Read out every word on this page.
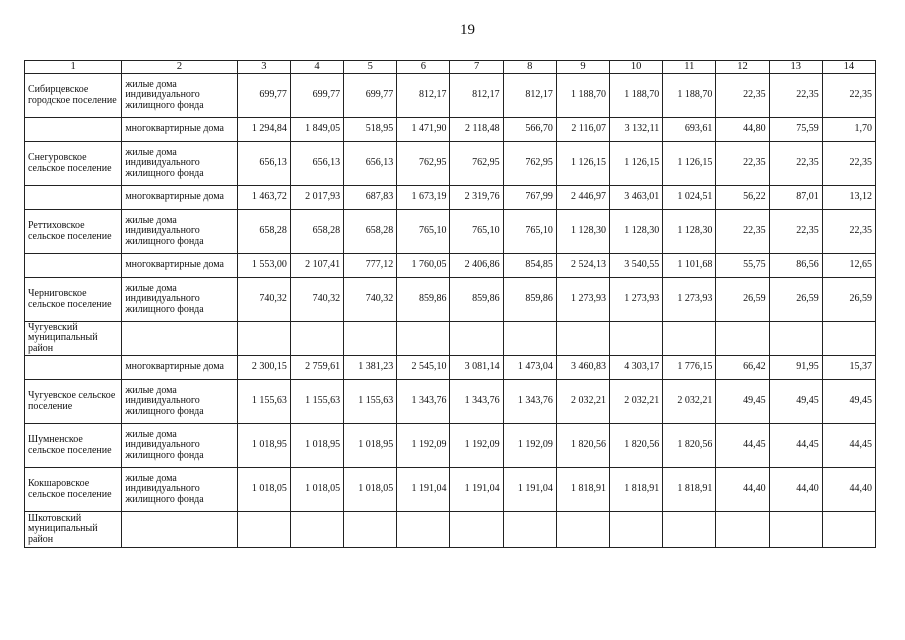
19
1	2	3	4	5	6	7	8	9	10	11	12	13	14
Сибирцевское городское поселение	жилые дома индивидуального жилищного фонда	699,77	699,77	699,77	812,17	812,17	812,17	1 188,70	1 188,70	1 188,70	22,35	22,35	22,35
	многоквартирные дома	1 294,84	1 849,05	518,95	1 471,90	2 118,48	566,70	2 116,07	3 132,11	693,61	44,80	75,59	1,70
Снегуровское сельское поселение	жилые дома индивидуального жилищного фонда	656,13	656,13	656,13	762,95	762,95	762,95	1 126,15	1 126,15	1 126,15	22,35	22,35	22,35
	многоквартирные дома	1 463,72	2 017,93	687,83	1 673,19	2 319,76	767,99	2 446,97	3 463,01	1 024,51	56,22	87,01	13,12
Реттиховское сельское поселение	жилые дома индивидуального жилищного фонда	658,28	658,28	658,28	765,10	765,10	765,10	1 128,30	1 128,30	1 128,30	22,35	22,35	22,35
	многоквартирные дома	1 553,00	2 107,41	777,12	1 760,05	2 406,86	854,85	2 524,13	3 540,55	1 101,68	55,75	86,56	12,65
Черниговское сельское поселение	жилые дома индивидуального жилищного фонда	740,32	740,32	740,32	859,86	859,86	859,86	1 273,93	1 273,93	1 273,93	26,59	26,59	26,59
Чугуевский муниципальный район													
	многоквартирные дома	2 300,15	2 759,61	1 381,23	2 545,10	3 081,14	1 473,04	3 460,83	4 303,17	1 776,15	66,42	91,95	15,37
Чугуевское сельское поселение	жилые дома индивидуального жилищного фонда	1 155,63	1 155,63	1 155,63	1 343,76	1 343,76	1 343,76	2 032,21	2 032,21	2 032,21	49,45	49,45	49,45
Шумненское сельское поселение	жилые дома индивидуального жилищного фонда	1 018,95	1 018,95	1 018,95	1 192,09	1 192,09	1 192,09	1 820,56	1 820,56	1 820,56	44,45	44,45	44,45
Кокшаровское сельское поселение	жилые дома индивидуального жилищного фонда	1 018,05	1 018,05	1 018,05	1 191,04	1 191,04	1 191,04	1 818,91	1 818,91	1 818,91	44,40	44,40	44,40
Шкотовский муниципальный район													
